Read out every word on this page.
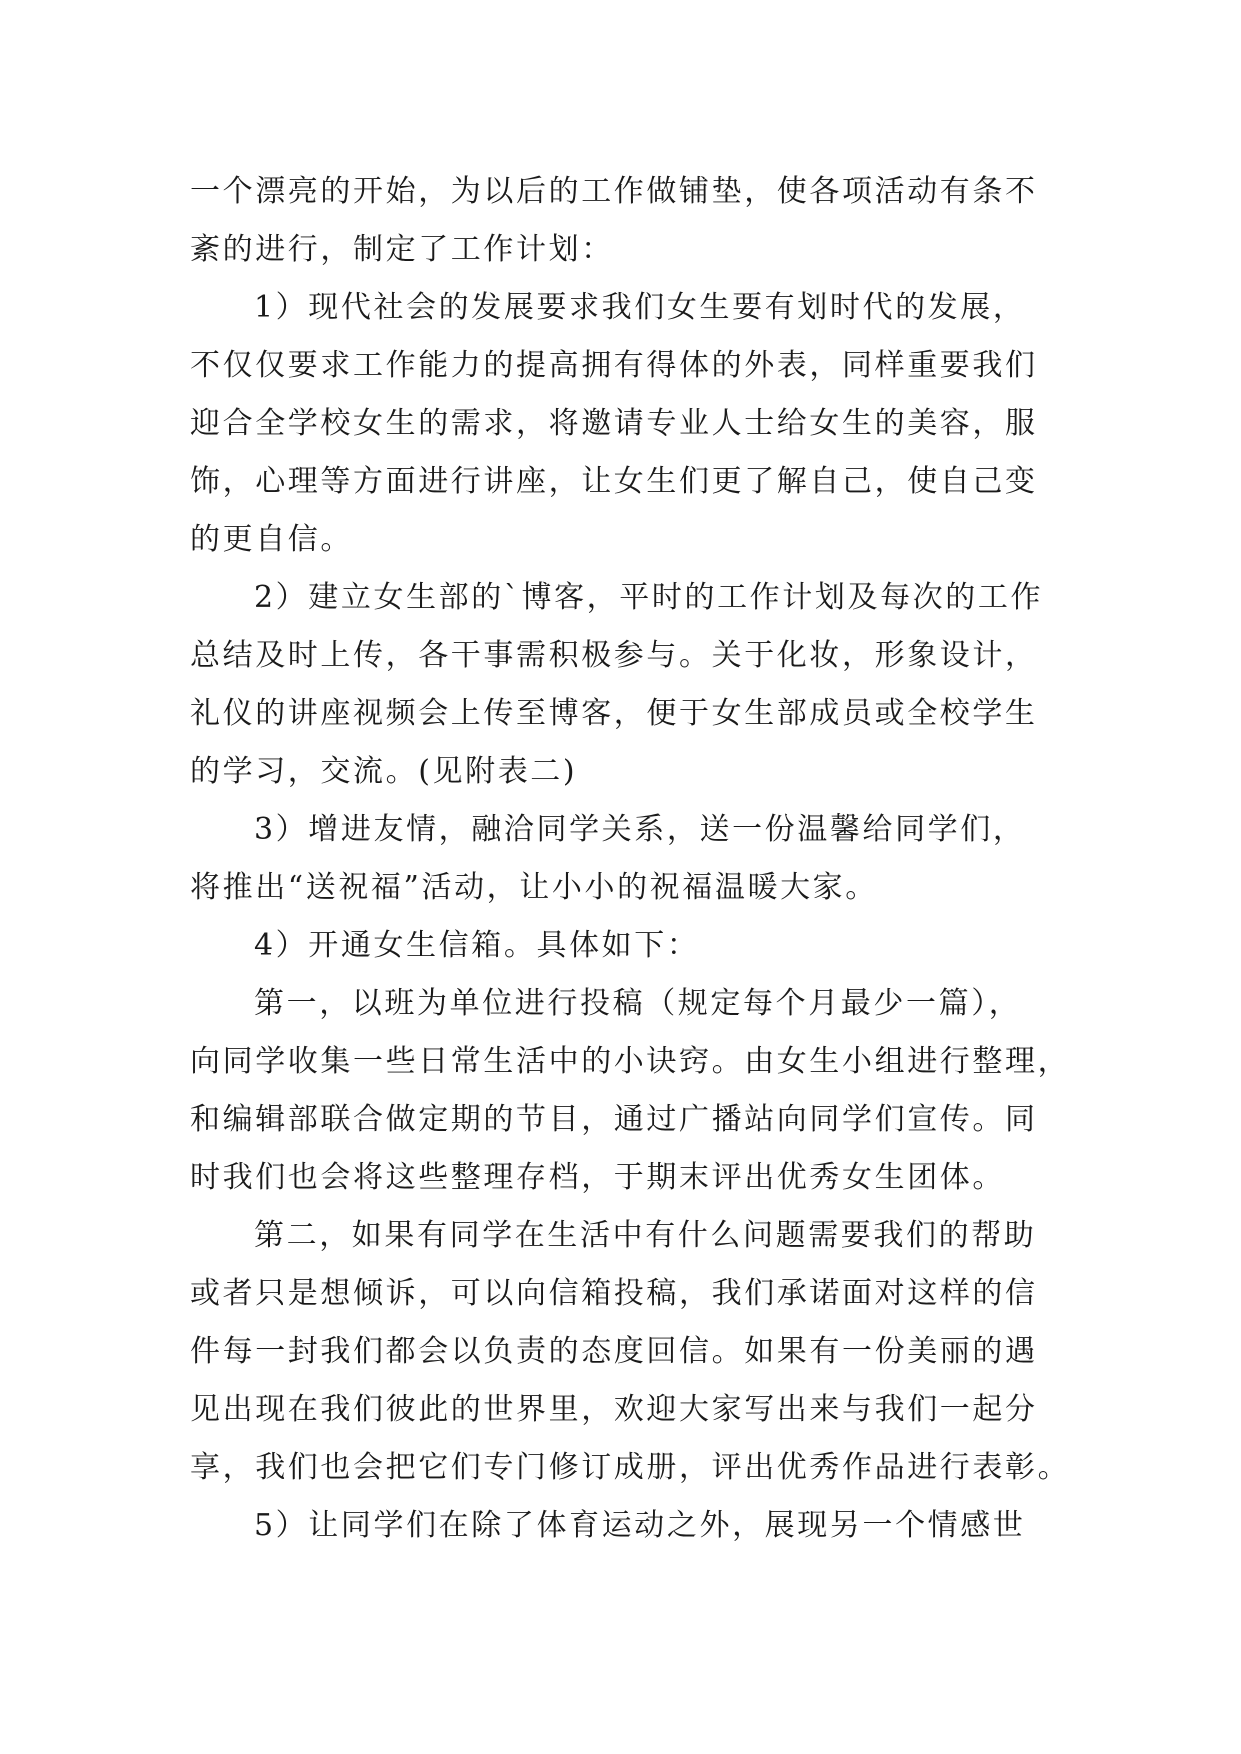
一个漂亮的开始，为以后的工作做铺垫，使各项活动有条不
紊的进行，制定了工作计划：
1）现代社会的发展要求我们女生要有划时代的发展，
不仅仅要求工作能力的提高拥有得体的外表，同样重要我们
迎合全学校女生的需求，将邀请专业人士给女生的美容，服
饰，心理等方面进行讲座，让女生们更了解自己，使自己变
的更自信。
2）建立女生部的`博客，平时的工作计划及每次的工作
总结及时上传，各干事需积极参与。关于化妆，形象设计，
礼仪的讲座视频会上传至博客，便于女生部成员或全校学生
的学习，交流。(见附表二)
3）增进友情，融洽同学关系，送一份温馨给同学们，
将推出“送祝福”活动，让小小的祝福温暖大家。
4）开通女生信箱。具体如下：
第一，以班为单位进行投稿（规定每个月最少一篇），
向同学收集一些日常生活中的小诀窍。由女生小组进行整理，
和编辑部联合做定期的节目，通过广播站向同学们宣传。同
时我们也会将这些整理存档，于期末评出优秀女生团体。
第二，如果有同学在生活中有什么问题需要我们的帮助
或者只是想倾诉，可以向信箱投稿，我们承诺面对这样的信
件每一封我们都会以负责的态度回信。如果有一份美丽的遇
见出现在我们彼此的世界里，欢迎大家写出来与我们一起分
享，我们也会把它们专门修订成册，评出优秀作品进行表彰。
5）让同学们在除了体育运动之外，展现另一个情感世
